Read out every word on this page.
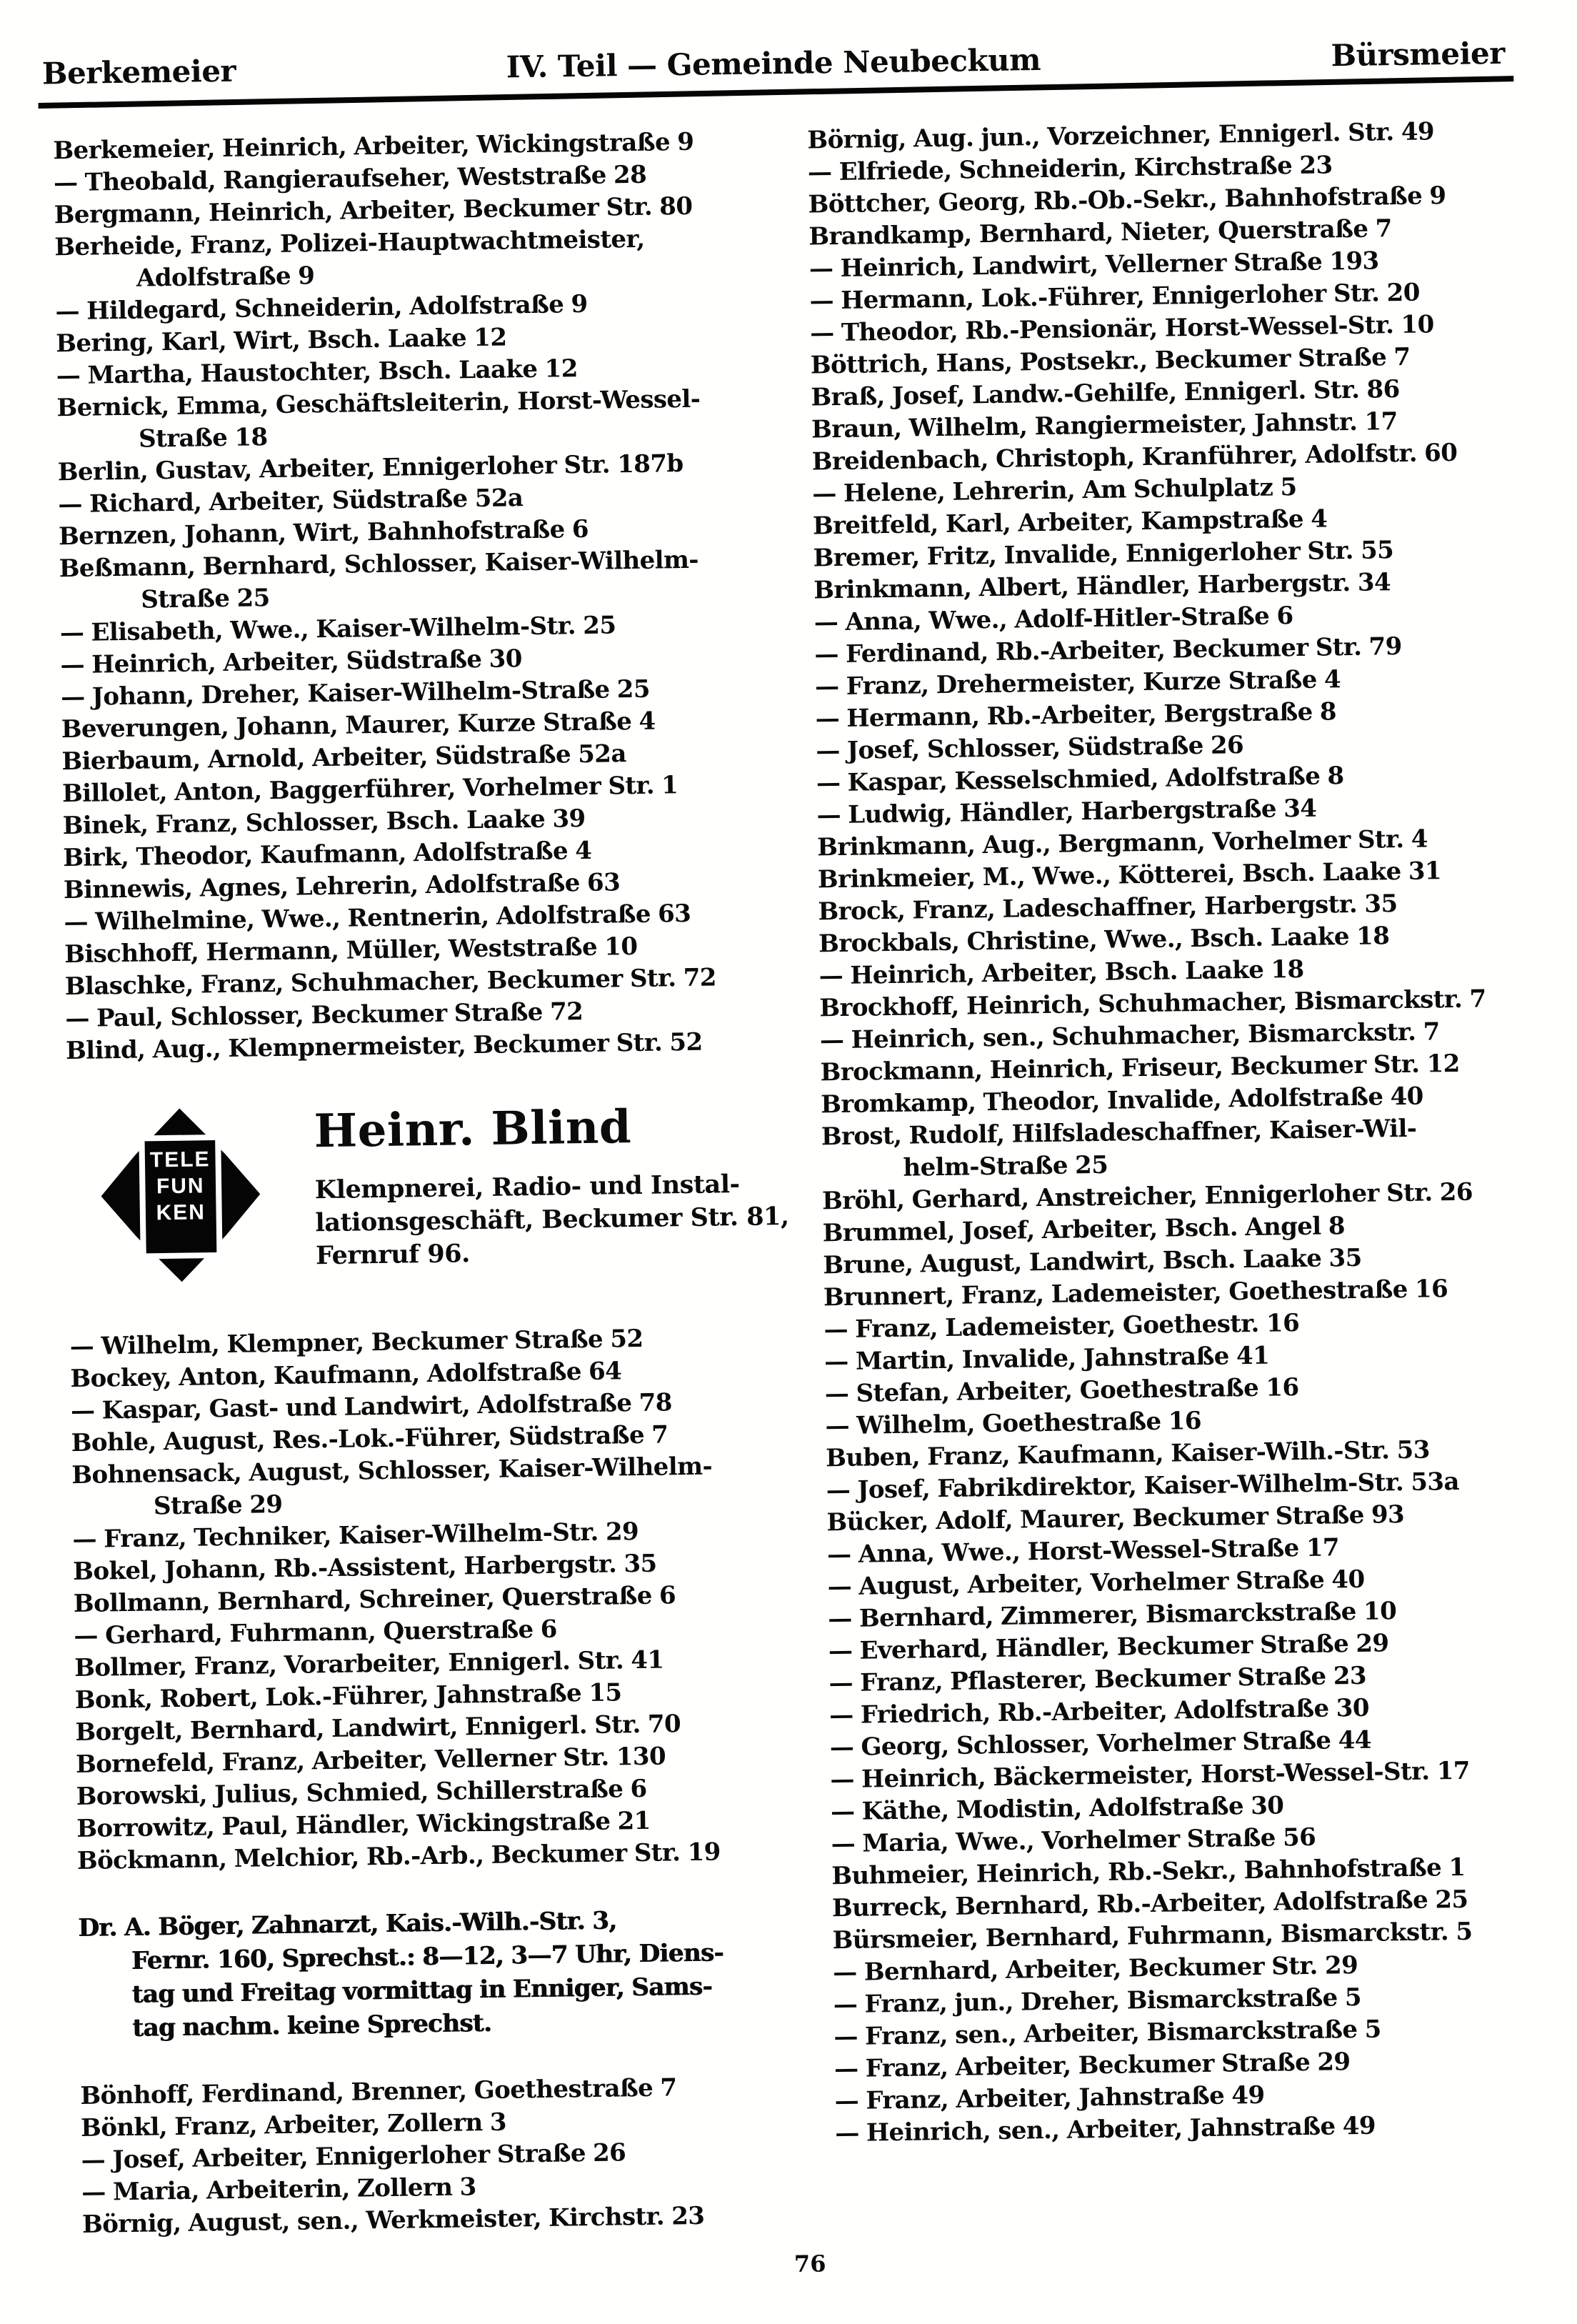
Berkemeier	IV. Teil — Gemeinde Neubeckum	Bürsmeier
Berkemeier, Heinrich, Arbeiter, Wickingstraße 9
— Theobald, Rangieraufseher, Weststraße 28
Bergmann, Heinrich, Arbeiter, Beckumer Str. 80
Berheide, Franz, Polizei-Hauptwachtmeister,
Adolfstraße 9
— Hildegard, Schneiderin, Adolfstraße 9
Bering, Karl, Wirt, Bsch. Laake 12
— Martha, Haustochter, Bsch. Laake 12
Bernick, Emma, Geschäftsleiterin, Horst-Wessel-
Straße 18
Berlin, Gustav, Arbeiter, Ennigerloher Str. 187b
— Richard, Arbeiter, Südstraße 52a
Bernzen, Johann, Wirt, Bahnhofstraße 6
Beßmann, Bernhard, Schlosser, Kaiser-Wilhelm-
Straße 25
— Elisabeth, Wwe., Kaiser-Wilhelm-Str. 25
— Heinrich, Arbeiter, Südstraße 30
— Johann, Dreher, Kaiser-Wilhelm-Straße 25
Beverungen, Johann, Maurer, Kurze Straße 4
Bierbaum, Arnold, Arbeiter, Südstraße 52a
Billolet, Anton, Baggerführer, Vorhelmer Str. 1
Binek, Franz, Schlosser, Bsch. Laake 39
Birk, Theodor, Kaufmann, Adolfstraße 4
Binnewis, Agnes, Lehrerin, Adolfstraße 63
— Wilhelmine, Wwe., Rentnerin, Adolfstraße 63
Bischhoff, Hermann, Müller, Weststraße 10
Blaschke, Franz, Schuhmacher, Beckumer Str. 72
— Paul, Schlosser, Beckumer Straße 72
Blind, Aug., Klempnermeister, Beckumer Str. 52
TELE
FUN
KEN
Heinr. Blind
Klempnerei, Radio- und Instal-
lationsgeschäft, Beckumer Str. 81,
Fernruf 96.
— Wilhelm, Klempner, Beckumer Straße 52
Bockey, Anton, Kaufmann, Adolfstraße 64
— Kaspar, Gast- und Landwirt, Adolfstraße 78
Bohle, August, Res.-Lok.-Führer, Südstraße 7
Bohnensack, August, Schlosser, Kaiser-Wilhelm-
Straße 29
— Franz, Techniker, Kaiser-Wilhelm-Str. 29
Bokel, Johann, Rb.-Assistent, Harbergstr. 35
Bollmann, Bernhard, Schreiner, Querstraße 6
— Gerhard, Fuhrmann, Querstraße 6
Bollmer, Franz, Vorarbeiter, Ennigerl. Str. 41
Bonk, Robert, Lok.-Führer, Jahnstraße 15
Borgelt, Bernhard, Landwirt, Ennigerl. Str. 70
Bornefeld, Franz, Arbeiter, Vellerner Str. 130
Borowski, Julius, Schmied, Schillerstraße 6
Borrowitz, Paul, Händler, Wickingstraße 21
Böckmann, Melchior, Rb.-Arb., Beckumer Str. 19
Dr. A. Böger, Zahnarzt, Kais.-Wilh.-Str. 3,
Fernr. 160, Sprechst.: 8—12, 3—7 Uhr, Diens-
tag und Freitag vormittag in Enniger, Sams-
tag nachm. keine Sprechst.
Bönhoff, Ferdinand, Brenner, Goethestraße 7
Bönkl, Franz, Arbeiter, Zollern 3
— Josef, Arbeiter, Ennigerloher Straße 26
— Maria, Arbeiterin, Zollern 3
Börnig, August, sen., Werkmeister, Kirchstr. 23
Börnig, Aug. jun., Vorzeichner, Ennigerl. Str. 49
— Elfriede, Schneiderin, Kirchstraße 23
Böttcher, Georg, Rb.-Ob.-Sekr., Bahnhofstraße 9
Brandkamp, Bernhard, Nieter, Querstraße 7
— Heinrich, Landwirt, Vellerner Straße 193
— Hermann, Lok.-Führer, Ennigerloher Str. 20
— Theodor, Rb.-Pensionär, Horst-Wessel-Str. 10
Böttrich, Hans, Postsekr., Beckumer Straße 7
Braß, Josef, Landw.-Gehilfe, Ennigerl. Str. 86
Braun, Wilhelm, Rangiermeister, Jahnstr. 17
Breidenbach, Christoph, Kranführer, Adolfstr. 60
— Helene, Lehrerin, Am Schulplatz 5
Breitfeld, Karl, Arbeiter, Kampstraße 4
Bremer, Fritz, Invalide, Ennigerloher Str. 55
Brinkmann, Albert, Händler, Harbergstr. 34
— Anna, Wwe., Adolf-Hitler-Straße 6
— Ferdinand, Rb.-Arbeiter, Beckumer Str. 79
— Franz, Drehermeister, Kurze Straße 4
— Hermann, Rb.-Arbeiter, Bergstraße 8
— Josef, Schlosser, Südstraße 26
— Kaspar, Kesselschmied, Adolfstraße 8
— Ludwig, Händler, Harbergstraße 34
Brinkmann, Aug., Bergmann, Vorhelmer Str. 4
Brinkmeier, M., Wwe., Kötterei, Bsch. Laake 31
Brock, Franz, Ladeschaffner, Harbergstr. 35
Brockbals, Christine, Wwe., Bsch. Laake 18
— Heinrich, Arbeiter, Bsch. Laake 18
Brockhoff, Heinrich, Schuhmacher, Bismarckstr. 7
— Heinrich, sen., Schuhmacher, Bismarckstr. 7
Brockmann, Heinrich, Friseur, Beckumer Str. 12
Bromkamp, Theodor, Invalide, Adolfstraße 40
Brost, Rudolf, Hilfsladeschaffner, Kaiser-Wil-
helm-Straße 25
Bröhl, Gerhard, Anstreicher, Ennigerloher Str. 26
Brummel, Josef, Arbeiter, Bsch. Angel 8
Brune, August, Landwirt, Bsch. Laake 35
Brunnert, Franz, Lademeister, Goethestraße 16
— Franz, Lademeister, Goethestr. 16
— Martin, Invalide, Jahnstraße 41
— Stefan, Arbeiter, Goethestraße 16
— Wilhelm, Goethestraße 16
Buben, Franz, Kaufmann, Kaiser-Wilh.-Str. 53
— Josef, Fabrikdirektor, Kaiser-Wilhelm-Str. 53a
Bücker, Adolf, Maurer, Beckumer Straße 93
— Anna, Wwe., Horst-Wessel-Straße 17
— August, Arbeiter, Vorhelmer Straße 40
— Bernhard, Zimmerer, Bismarckstraße 10
— Everhard, Händler, Beckumer Straße 29
— Franz, Pflasterer, Beckumer Straße 23
— Friedrich, Rb.-Arbeiter, Adolfstraße 30
— Georg, Schlosser, Vorhelmer Straße 44
— Heinrich, Bäckermeister, Horst-Wessel-Str. 17
— Käthe, Modistin, Adolfstraße 30
— Maria, Wwe., Vorhelmer Straße 56
Buhmeier, Heinrich, Rb.-Sekr., Bahnhofstraße 1
Burreck, Bernhard, Rb.-Arbeiter, Adolfstraße 25
Bürsmeier, Bernhard, Fuhrmann, Bismarckstr. 5
— Bernhard, Arbeiter, Beckumer Str. 29
— Franz, jun., Dreher, Bismarckstraße 5
— Franz, sen., Arbeiter, Bismarckstraße 5
— Franz, Arbeiter, Beckumer Straße 29
— Franz, Arbeiter, Jahnstraße 49
— Heinrich, sen., Arbeiter, Jahnstraße 49
76
